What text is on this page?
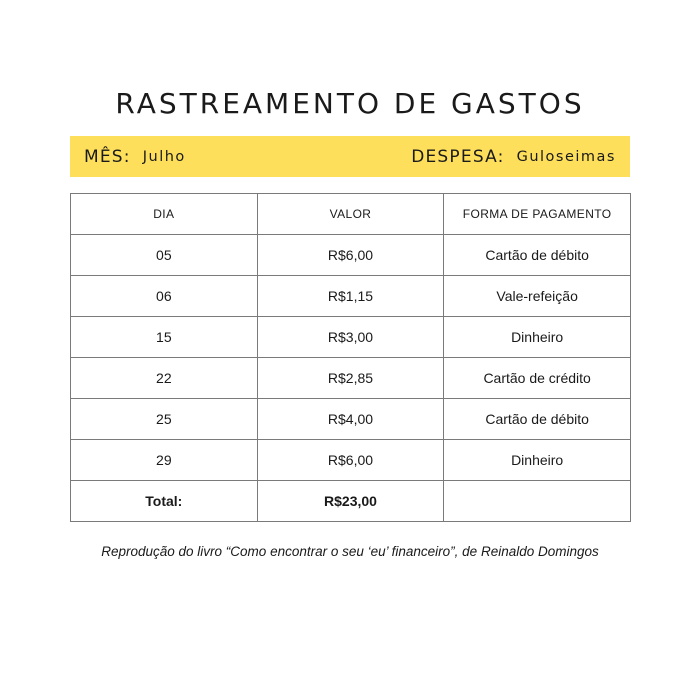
RASTREAMENTO DE GASTOS
MÊS: Julho	DESPESA: Guloseimas
DIA	VALOR	FORMA DE PAGAMENTO
05	R$6,00	Cartão de débito
06	R$1,15	Vale-refeição
15	R$3,00	Dinheiro
22	R$2,85	Cartão de crédito
25	R$4,00	Cartão de débito
29	R$6,00	Dinheiro
Total:	R$23,00	
Reprodução do livro “Como encontrar o seu ‘eu’ financeiro”, de Reinaldo Domingos
